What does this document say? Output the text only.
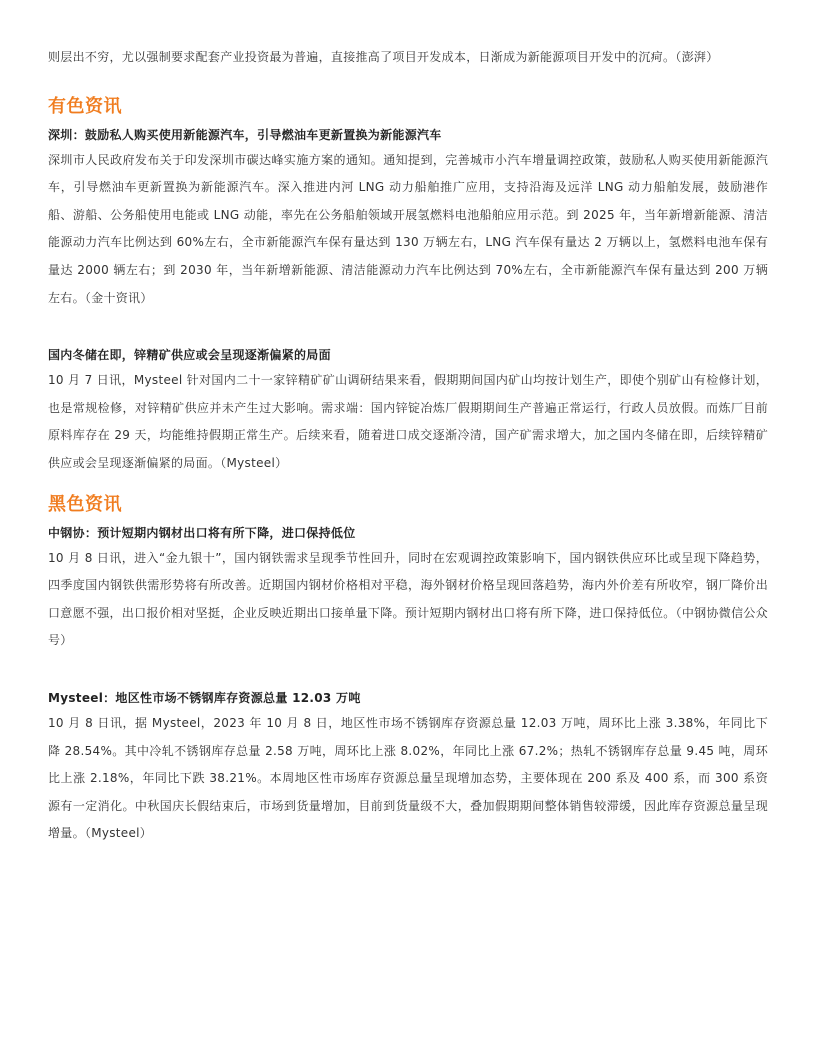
则层出不穷，尤以强制要求配套产业投资最为普遍，直接推高了项目开发成本，日渐成为新能源项目开发中的沉疴。（澎湃）

有色资讯
深圳：鼓励私人购买使用新能源汽车，引导燃油车更新置换为新能源汽车

深圳市人民政府发布关于印发深圳市碳达峰实施方案的通知。通知提到，完善城市小汽车增量调控政策，鼓励私人购买使用新能源汽车，引导燃油车更新置换为新能源汽车。深入推进内河 LNG 动力船舶推广应用，支持沿海及远洋 LNG 动力船舶发展，鼓励港作船、游船、公务船使用电能或 LNG 动能，率先在公务船舶领域开展氢燃料电池船舶应用示范。到 2025 年，当年新增新能源、清洁能源动力汽车比例达到 60%左右，全市新能源汽车保有量达到 130 万辆左右，LNG 汽车保有量达 2 万辆以上，氢燃料电池车保有量达 2000 辆左右；到 2030 年，当年新增新能源、清洁能源动力汽车比例达到 70%左右，全市新能源汽车保有量达到 200 万辆左右。（金十资讯）

国内冬储在即，锌精矿供应或会呈现逐渐偏紧的局面

10 月 7 日讯，Mysteel 针对国内二十一家锌精矿矿山调研结果来看，假期期间国内矿山均按计划生产，即使个别矿山有检修计划，也是常规检修，对锌精矿供应并未产生过大影响。需求端：国内锌锭冶炼厂假期期间生产普遍正常运行，行政人员放假。而炼厂目前原料库存在 29 天，均能维持假期正常生产。后续来看，随着进口成交逐渐冷清，国产矿需求增大，加之国内冬储在即，后续锌精矿供应或会呈现逐渐偏紧的局面。（Mysteel）

黑色资讯
中钢协：预计短期内钢材出口将有所下降，进口保持低位

10 月 8 日讯，进入“金九银十”，国内钢铁需求呈现季节性回升，同时在宏观调控政策影响下，国内钢铁供应环比或呈现下降趋势，四季度国内钢铁供需形势将有所改善。近期国内钢材价格相对平稳，海外钢材价格呈现回落趋势，海内外价差有所收窄，钢厂降价出口意愿不强，出口报价相对坚挺，企业反映近期出口接单量下降。预计短期内钢材出口将有所下降，进口保持低位。（中钢协微信公众号）

Mysteel：地区性市场不锈钢库存资源总量 12.03 万吨

10 月 8 日讯，据 Mysteel，2023 年 10 月 8 日，地区性市场不锈钢库存资源总量 12.03 万吨，周环比上涨 3.38%，年同比下降 28.54%。其中冷轧不锈钢库存总量 2.58 万吨，周环比上涨 8.02%，年同比上涨 67.2%；热轧不锈钢库存总量 9.45 吨，周环比上涨 2.18%，年同比下跌 38.21%。本周地区性市场库存资源总量呈现增加态势，主要体现在 200 系及 400 系，而 300 系资源有一定消化。中秋国庆长假结束后，市场到货量增加，目前到货量级不大，叠加假期期间整体销售较滞缓，因此库存资源总量呈现增量。（Mysteel）
